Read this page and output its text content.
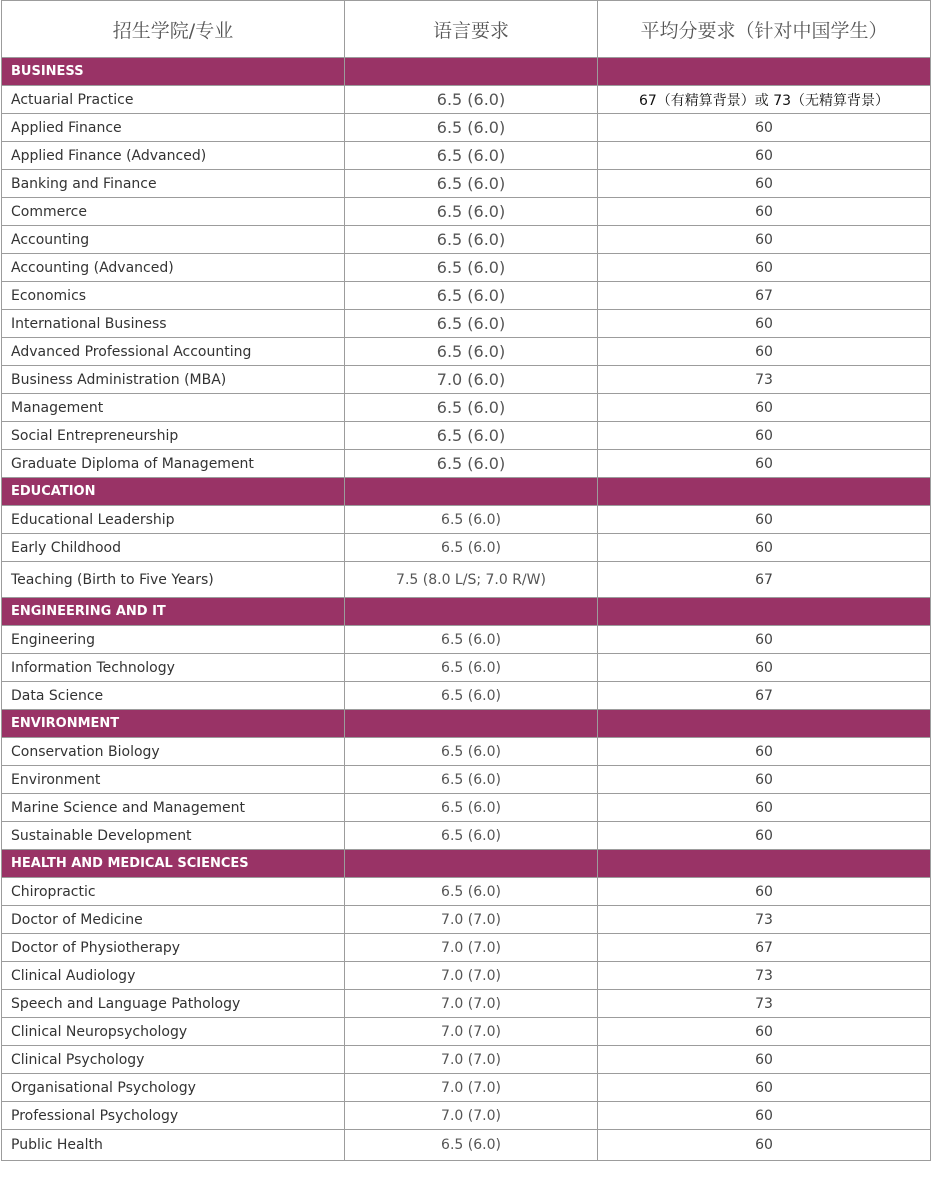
招生学院/专业	语言要求	平均分要求（针对中国学生）
BUSINESS		
Actuarial Practice	6.5 (6.0)	67（有精算背景）或 73（无精算背景）
Applied Finance	6.5 (6.0)	60
Applied Finance (Advanced)	6.5 (6.0)	60
Banking and Finance	6.5 (6.0)	60
Commerce	6.5 (6.0)	60
Accounting	6.5 (6.0)	60
Accounting (Advanced)	6.5 (6.0)	60
Economics	6.5 (6.0)	67
International Business	6.5 (6.0)	60
Advanced Professional Accounting	6.5 (6.0)	60
Business Administration (MBA)	7.0 (6.0)	73
Management	6.5 (6.0)	60
Social Entrepreneurship	6.5 (6.0)	60
Graduate Diploma of Management	6.5 (6.0)	60
EDUCATION		
Educational Leadership	6.5 (6.0)	60
Early Childhood	6.5 (6.0)	60
Teaching (Birth to Five Years)	7.5 (8.0 L/S; 7.0 R/W)	67
ENGINEERING AND IT		
Engineering	6.5 (6.0)	60
Information Technology	6.5 (6.0)	60
Data Science	6.5 (6.0)	67
ENVIRONMENT		
Conservation Biology	6.5 (6.0)	60
Environment	6.5 (6.0)	60
Marine Science and Management	6.5 (6.0)	60
Sustainable Development	6.5 (6.0)	60
HEALTH AND MEDICAL SCIENCES		
Chiropractic	6.5 (6.0)	60
Doctor of Medicine	7.0 (7.0)	73
Doctor of Physiotherapy	7.0 (7.0)	67
Clinical Audiology	7.0 (7.0)	73
Speech and Language Pathology	7.0 (7.0)	73
Clinical Neuropsychology	7.0 (7.0)	60
Clinical Psychology	7.0 (7.0)	60
Organisational Psychology	7.0 (7.0)	60
Professional Psychology	7.0 (7.0)	60
Public Health	6.5 (6.0)	60
